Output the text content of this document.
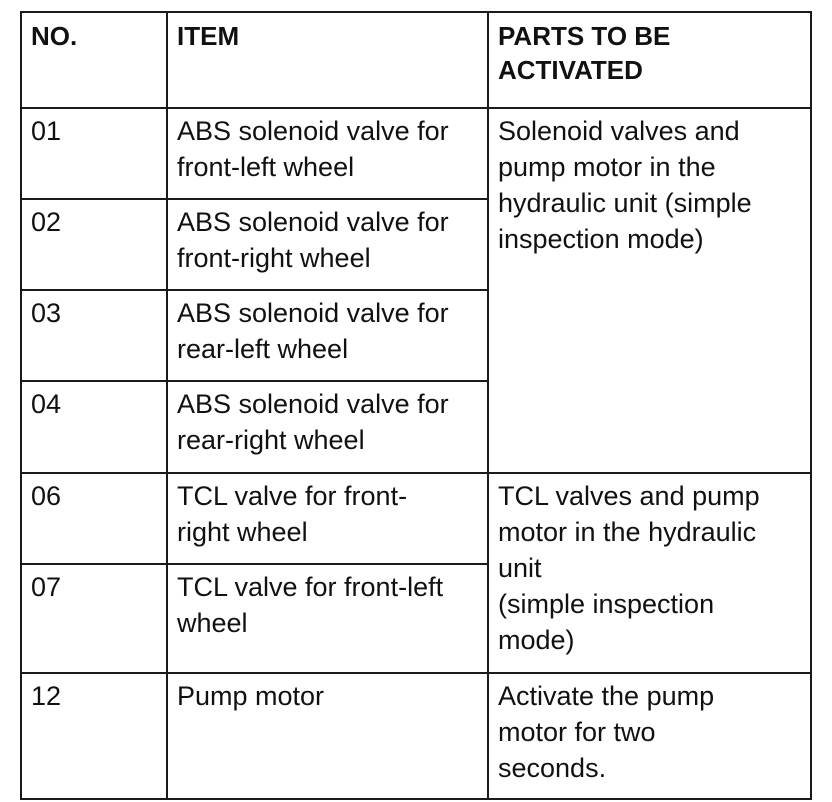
NO.	ITEM	PARTS TO BE
ACTIVATED

01	ABS solenoid valve for
front-left wheel	Solenoid valves and
pump motor in the
hydraulic unit (simple
inspection mode)

02	ABS solenoid valve for
front-right wheel	

03	ABS solenoid valve for
rear-left wheel	

04	ABS solenoid valve for
rear-right wheel	

06	TCL valve for front-
right wheel	TCL valves and pump
motor in the hydraulic
unit
(simple inspection
mode)

07	TCL valve for front-left
wheel	

12	Pump motor	Activate the pump
motor for two
seconds.
